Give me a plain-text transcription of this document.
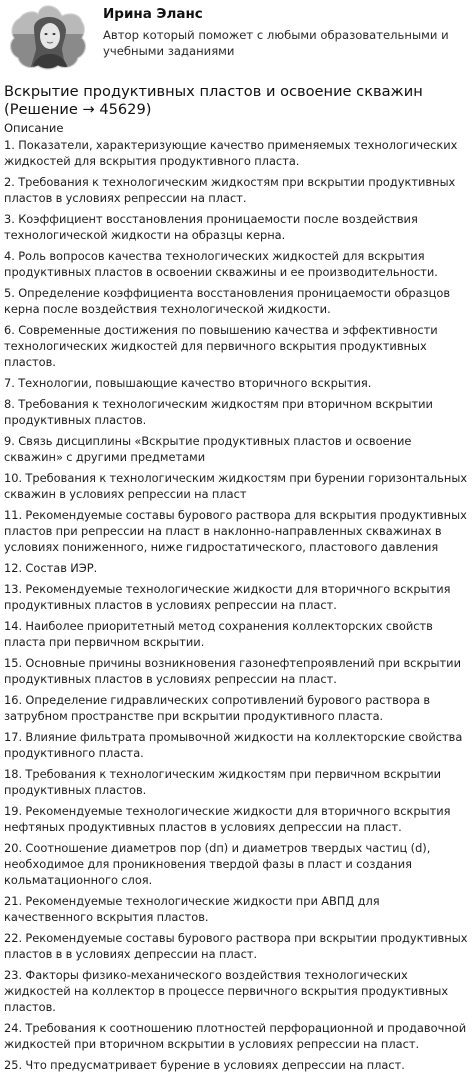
Ирина Эланс
Автор который поможет с любыми образовательными и учебными заданиями
Вскрытие продуктивных пластов и освоение скважин (Решение → 45629)
Описание
1. Показатели, характеризующие качество применяемых технологических жидкостей для вскрытия продуктивного пласта.
2. Требования к технологическим жидкостям при вскрытии продуктивных пластов в условиях репрессии на пласт.
3. Коэффициент восстановления проницаемости после воздействия технологической жидкости на образцы керна.
4. Роль вопросов качества технологических жидкостей для вскрытия продуктивных пластов в освоении скважины и ее производительности.
5. Определение коэффициента восстановления проницаемости образцов керна после воздействия технологической жидкости.
6. Современные достижения по повышению качества и эффективности технологических жидкостей для первичного вскрытия продуктивных пластов.
7. Технологии, повышающие качество вторичного вскрытия.
8. Требования к технологическим жидкостям при вторичном вскрытии продуктивных пластов.
9. Связь дисциплины «Вскрытие продуктивных пластов и освоение скважин» с другими предметами
10. Требования к технологическим жидкостям при бурении горизонтальных скважин в условиях репрессии на пласт
11. Рекомендуемые составы бурового раствора для вскрытия продуктивных пластов при репрессии на пласт в наклонно-направленных скважинах в условиях пониженного, ниже гидростатического, пластового давления
12. Состав ИЭР.
13. Рекомендуемые технологические жидкости для вторичного вскрытия продуктивных пластов в условиях репрессии на пласт.
14. Наиболее приоритетный метод сохранения коллекторских свойств пласта при первичном вскрытии.
15. Основные причины возникновения газонефтепроявлений при вскрытии продуктивных пластов в условиях репрессии на пласт.
16. Определение гидравлических сопротивлений бурового раствора в затрубном пространстве при вскрытии продуктивного пласта.
17. Влияние фильтрата промывочной жидкости на коллекторские свойства продуктивного пласта.
18. Требования к технологическим жидкостям при первичном вскрытии продуктивных пластов.
19. Рекомендуемые технологические жидкости для вторичного вскрытия нефтяных продуктивных пластов в условиях депрессии на пласт.
20. Соотношение диаметров пор (dп) и диаметров твердых частиц (d), необходимое для проникновения твердой фазы в пласт и создания кольматационного слоя.
21. Рекомендуемые технологические жидкости при АВПД для качественного вскрытия пластов.
22. Рекомендуемые составы бурового раствора при вскрытии продуктивных пластов в в условиях депрессии на пласт.
23. Факторы физико-механического воздействия технологических жидкостей на коллектор в процессе первичного вскрытия продуктивных пластов.
24. Требования к соотношению плотностей перфорационной и продавочной жидкостей при вторичном вскрытии в условиях репрессии на пласт.
25. Что предусматривает бурение в условиях депрессии на пласт.
